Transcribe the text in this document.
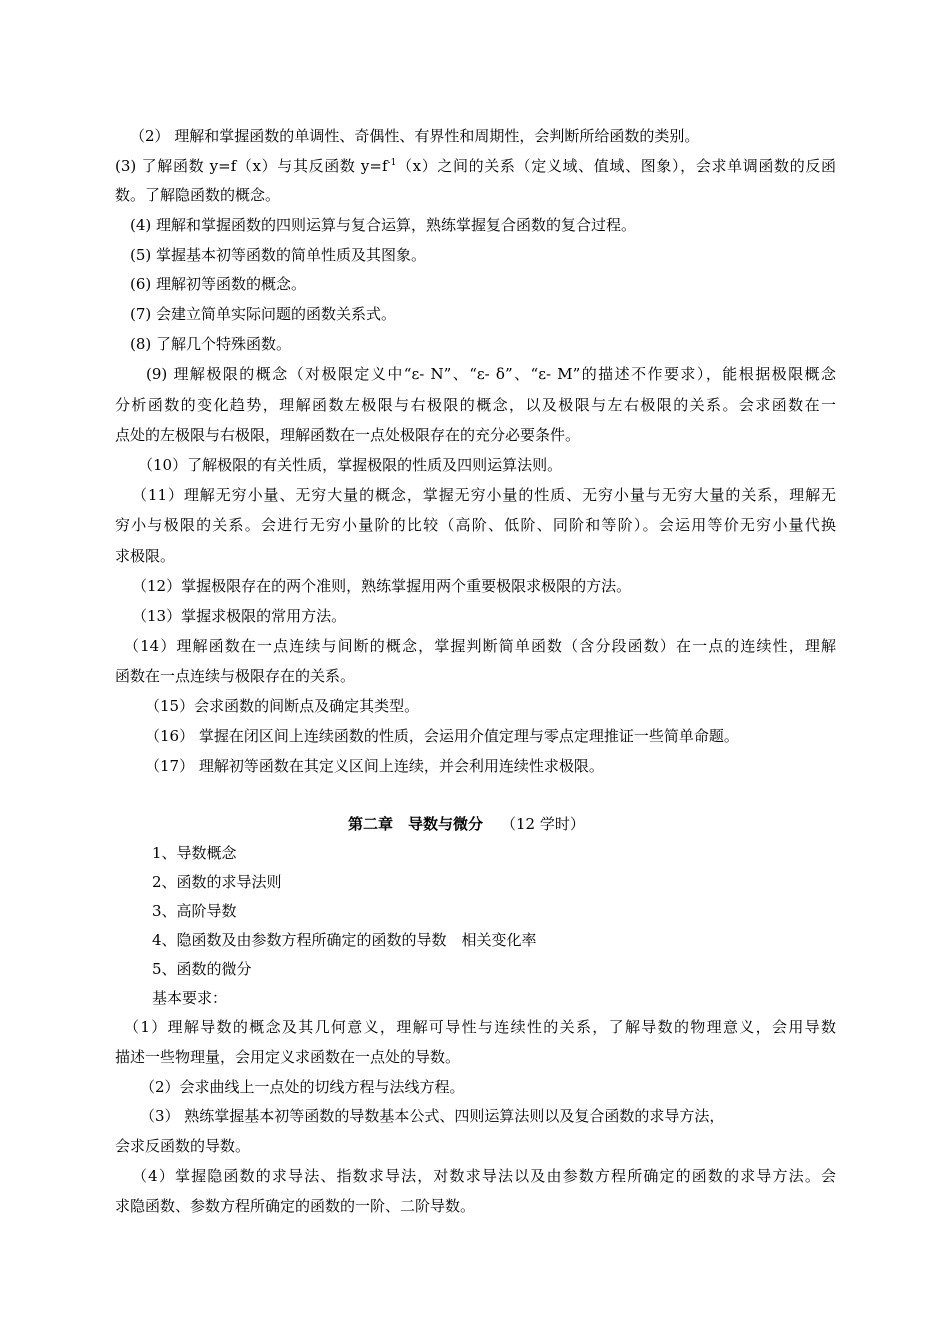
（2） 理解和掌握函数的单调性、奇偶性、有界性和周期性，会判断所给函数的类别。
(3) 了解函数 y=f（x）与其反函数 $y=f^{-1}(x)$之间的关系（定义域、值域、图象），会求单调函数的反函
数。了解隐函数的概念。
(4) 理解和掌握函数的四则运算与复合运算，熟练掌握复合函数的复合过程。
(5) 掌握基本初等函数的简单性质及其图象。
(6) 理解初等函数的概念。
(7) 会建立简单实际问题的函数关系式。
(8) 了解几个特殊函数。
(9) 理解极限的概念（对极限定义中“ε- N”、“ε- δ”、“ε- M”的描述不作要求），能根据极限概念
分析函数的变化趋势，理解函数左极限与右极限的概念，以及极限与左右极限的关系。会求函数在一
点处的左极限与右极限，理解函数在一点处极限存在的充分必要条件。
（10）了解极限的有关性质，掌握极限的性质及四则运算法则。
（11）理解无穷小量、无穷大量的概念，掌握无穷小量的性质、无穷小量与无穷大量的关系，理解无
穷小与极限的关系。会进行无穷小量阶的比较（高阶、低阶、同阶和等阶）。会运用等价无穷小量代换
求极限。
（12）掌握极限存在的两个准则，熟练掌握用两个重要极限求极限的方法。
（13）掌握求极限的常用方法。
（14）理解函数在一点连续与间断的概念，掌握判断简单函数（含分段函数）在一点的连续性，理解
函数在一点连续与极限存在的关系。
（15）会求函数的间断点及确定其类型。
（16） 掌握在闭区间上连续函数的性质，会运用介值定理与零点定理推证一些简单命题。
（17） 理解初等函数在其定义区间上连续，并会利用连续性求极限。
第二章　导数与微分 （12 学时）
1、导数概念
2、函数的求导法则
3、高阶导数
4、隐函数及由参数方程所确定的函数的导数　相关变化率
5、函数的微分
基本要求：
（1）理解导数的概念及其几何意义，理解可导性与连续性的关系，了解导数的物理意义，会用导数
描述一些物理量，会用定义求函数在一点处的导数。
（2）会求曲线上一点处的切线方程与法线方程。
（3） 熟练掌握基本初等函数的导数基本公式、四则运算法则以及复合函数的求导方法，
会求反函数的导数。
（4）掌握隐函数的求导法、指数求导法，对数求导法以及由参数方程所确定的函数的求导方法。会
求隐函数、参数方程所确定的函数的一阶、二阶导数。
